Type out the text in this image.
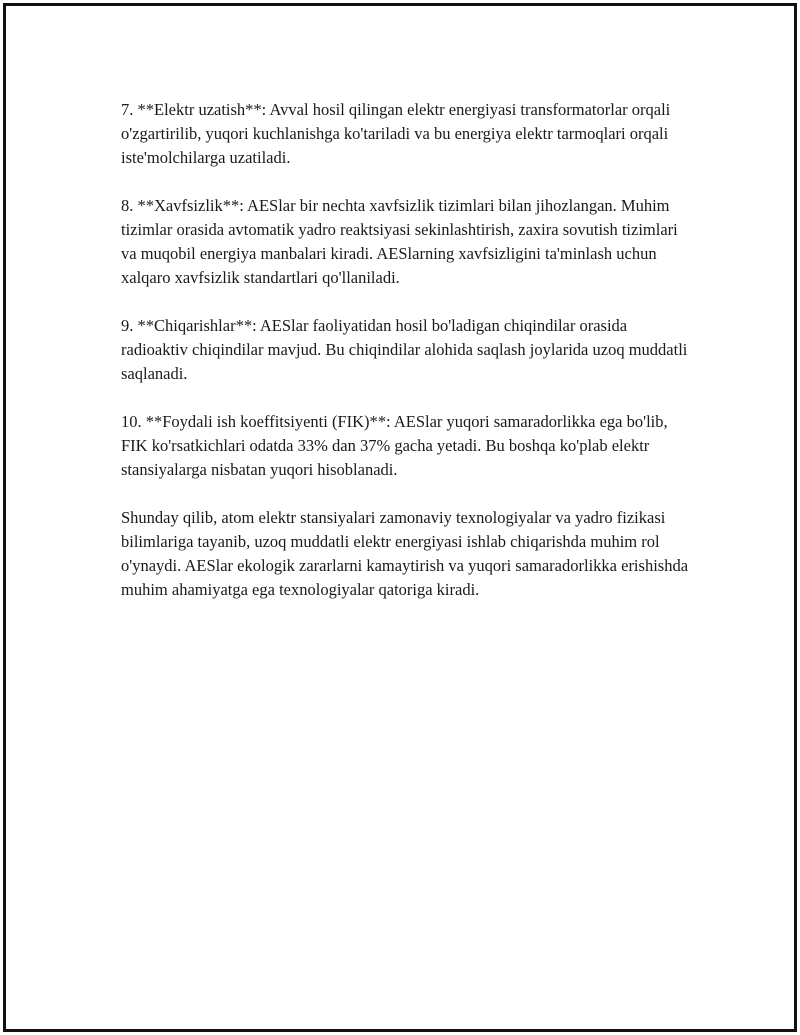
7. **Elektr uzatish**: Avval hosil qilingan elektr energiyasi transformatorlar orqali o'zgartirilib, yuqori kuchlanishga ko'tariladi va bu energiya elektr tarmoqlari orqali iste'molchilarga uzatiladi.

8. **Xavfsizlik**: AESlar bir nechta xavfsizlik tizimlari bilan jihozlangan. Muhim tizimlar orasida avtomatik yadro reaktsiyasi sekinlashtirish, zaxira sovutish tizimlari va muqobil energiya manbalari kiradi. AESlarning xavfsizligini ta'minlash uchun xalqaro xavfsizlik standartlari qo'llaniladi.

9. **Chiqarishlar**: AESlar faoliyatidan hosil bo'ladigan chiqindilar orasida radioaktiv chiqindilar mavjud. Bu chiqindilar alohida saqlash joylarida uzoq muddatli saqlanadi.

10. **Foydali ish koeffitsiyenti (FIK)**: AESlar yuqori samaradorlikka ega bo'lib, FIK ko'rsatkichlari odatda 33% dan 37% gacha yetadi. Bu boshqa ko'plab elektr stansiyalarga nisbatan yuqori hisoblanadi.

Shunday qilib, atom elektr stansiyalari zamonaviy texnologiyalar va yadro fizikasi bilimlariga tayanib, uzoq muddatli elektr energiyasi ishlab chiqarishda muhim rol o'ynaydi. AESlar ekologik zararlarni kamaytirish va yuqori samaradorlikka erishishda muhim ahamiyatga ega texnologiyalar qatoriga kiradi.
